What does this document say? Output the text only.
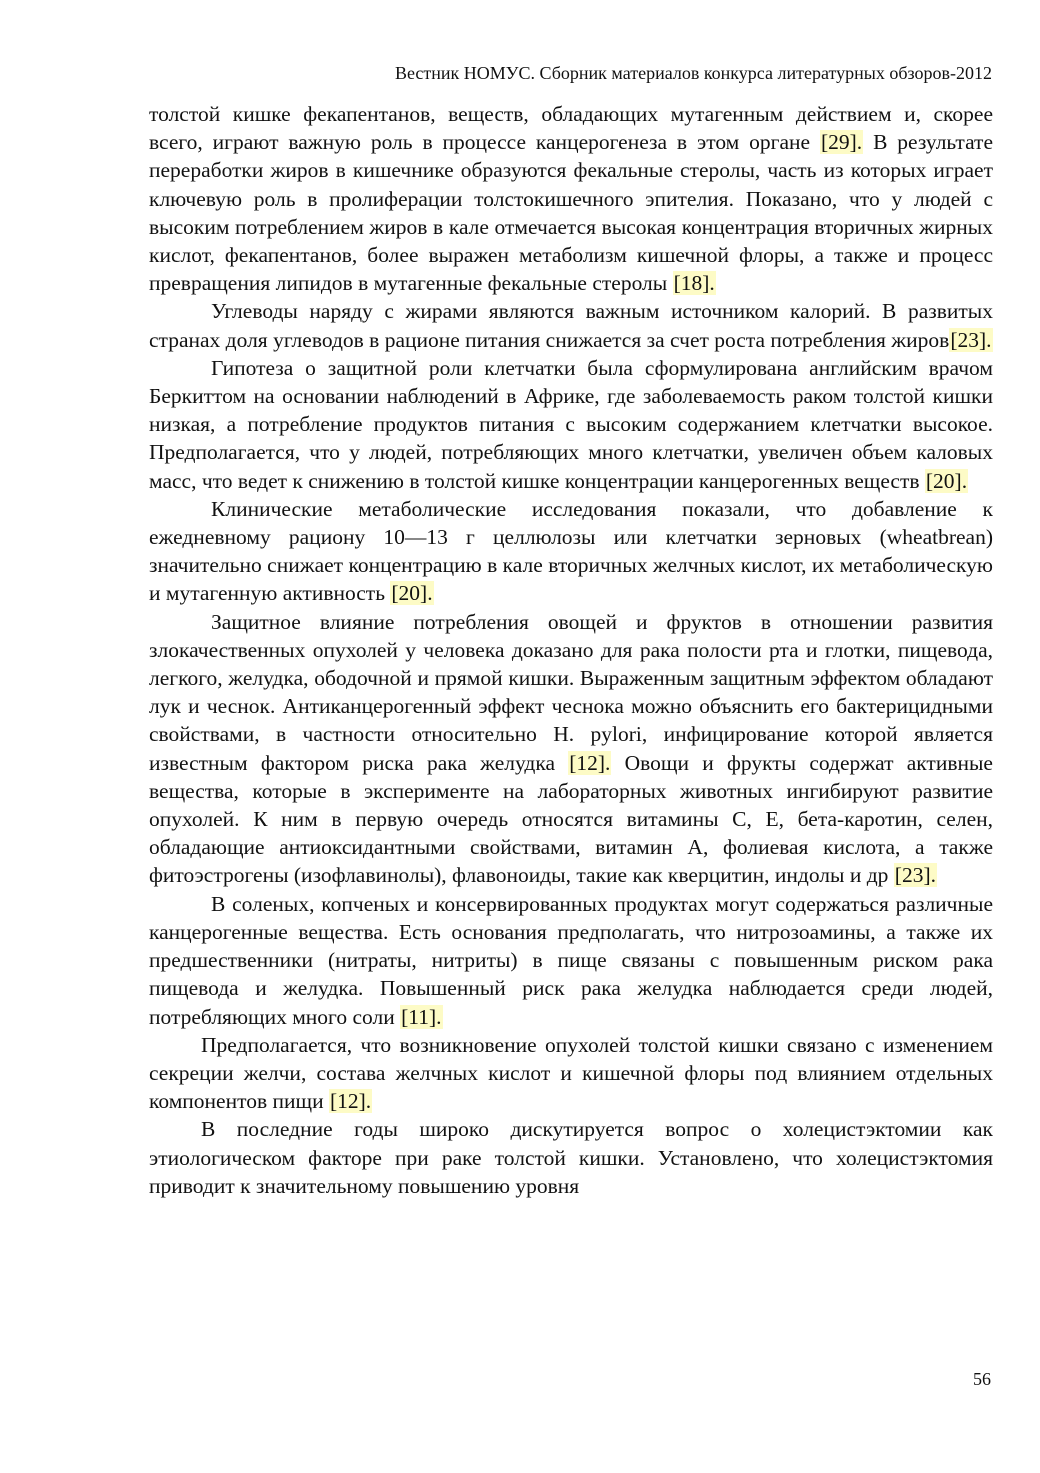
Вестник НОМУС. Сборник материалов конкурса литературных обзоров-2012

толстой кишке фекапентанов, веществ, обладающих мутагенным действием и, скорее всего, играют важную роль в процессе канцерогенеза в этом органе [29]. В результате переработки жиров в кишечнике образуются фекальные стеролы, часть из которых играет ключевую роль в пролиферации толстокишечного эпителия. Показано, что у людей с высоким потреблением жиров в кале отмечается высокая концентрация вторичных жирных кислот, фекапентанов, более выражен метаболизм кишечной флоры, а также и процесс превращения липидов в мутагенные фекальные стеролы [18].

Углеводы наряду с жирами являются важным источником калорий. В развитых странах доля углеводов в рационе питания снижается за счет роста потребления жиров[23].

Гипотеза о защитной роли клетчатки была сформулирована английским врачом Беркиттом на основании наблюдений в Африке, где заболеваемость раком толстой кишки низкая, а потребление продуктов питания с высоким содержанием клетчатки высокое. Предполагается, что у людей, потребляющих много клетчатки, увеличен объем каловых масс, что ведет к снижению в толстой кишке концентрации канцерогенных веществ [20].

Клинические метаболические исследования показали, что добавление к ежедневному рациону 10—13 г целлюлозы или клетчатки зерновых (wheatbrean) значительно снижает концентрацию в кале вторичных желчных кислот, их метаболическую и мутагенную активность [20].

Защитное влияние потребления овощей и фруктов в отношении развития злокачественных опухолей у человека доказано для рака полости рта и глотки, пищевода, легкого, желудка, ободочной и прямой кишки. Выраженным защитным эффектом обладают лук и чеснок. Антиканцерогенный эффект чеснока можно объяснить его бактерицидными свойствами, в частности относительно H. pylori, инфицирование которой является известным фактором риска рака желудка [12]. Овощи и фрукты содержат активные вещества, которые в эксперименте на лабораторных животных ингибируют развитие опухолей. К ним в первую очередь относятся витамины С, Е, бета-каротин, селен, обладающие антиоксидантными свойствами, витамин А, фолиевая кислота, а также фитоэстрогены (изофлавинолы), флавоноиды, такие как кверцитин, индолы и др [23].

В соленых, копченых и консервированных продуктах могут содержаться различные канцерогенные вещества. Есть основания предполагать, что нитрозоамины, а также их предшественники (нитраты, нитриты) в пище связаны с повышенным риском рака пищевода и желудка. Повышенный риск рака желудка наблюдается среди людей, потребляющих много соли [11].

Предполагается, что возникновение опухолей толстой кишки связано с изменением секреции желчи, состава желчных кислот и кишечной флоры под влиянием отдельных компонентов пищи [12].

В последние годы широко дискутируется вопрос о холецистэктомии как этиологическом факторе при раке толстой кишки. Установлено, что холецистэктомия приводит к значительному повышению уровня

56
